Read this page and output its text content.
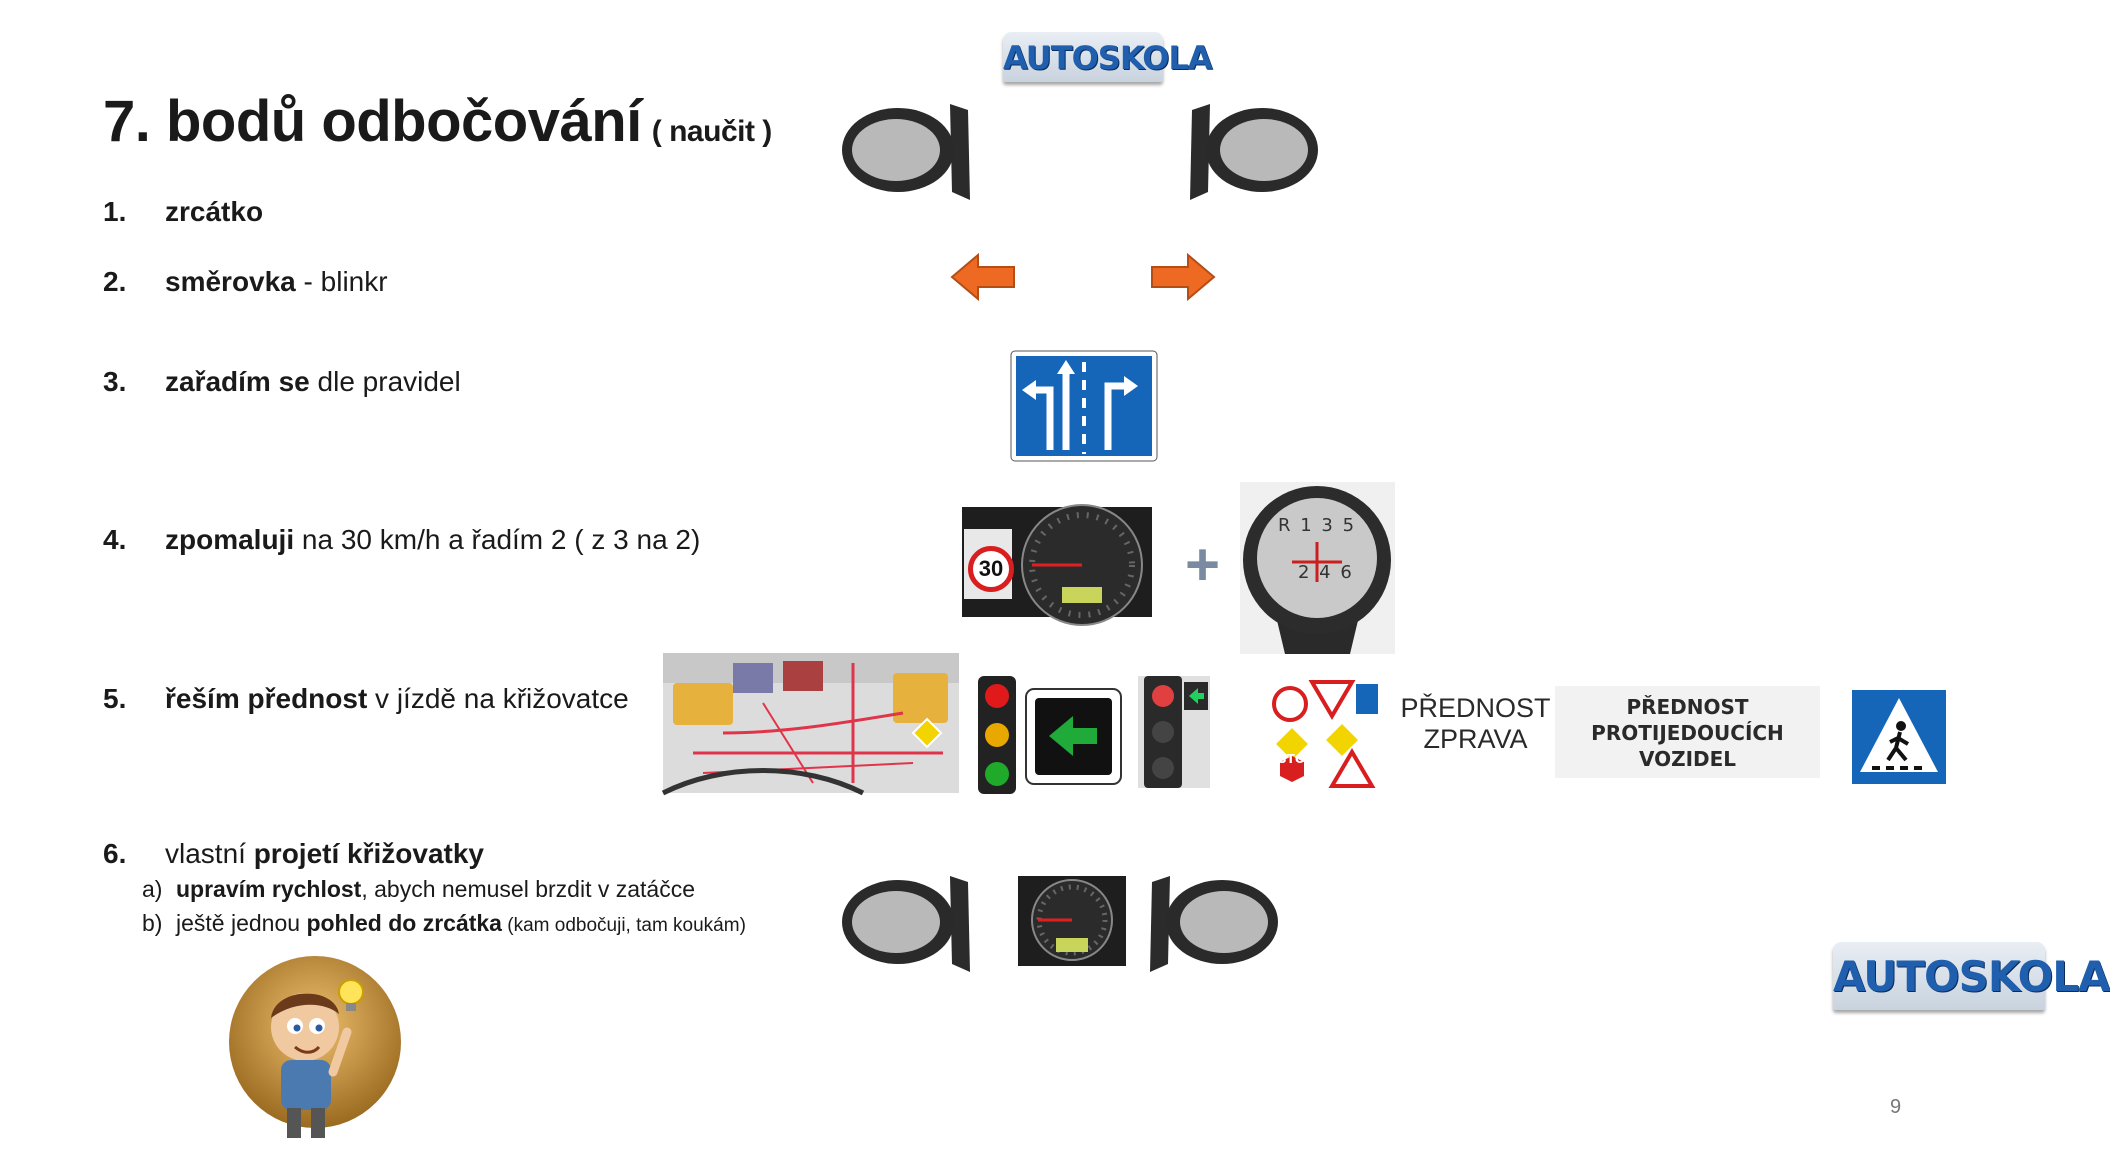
AUTOSKOLA
7. bodů odbočování ( naučit )
1. zrcátko
2. směrovka - blinkr
3. zařadím se dle pravidel
4. zpomaluji na 30 km/h a řadím 2 ( z 3 na 2)
5. řeším přednost v jízdě na křižovatce
6. vlastní projetí křižovatky
a) upravím rychlost, abych nemusel brzdit v zatáčce
b) ještě jednou pohled do zrcátka (kam odbočuji, tam koukám)
30	+
R 1 3 5
2 4 6
STOP
PŘEDNOST
ZPRAVA
PŘEDNOST
PROTIJEDOUCÍCH
VOZIDEL
AUTOSKOLA
9
